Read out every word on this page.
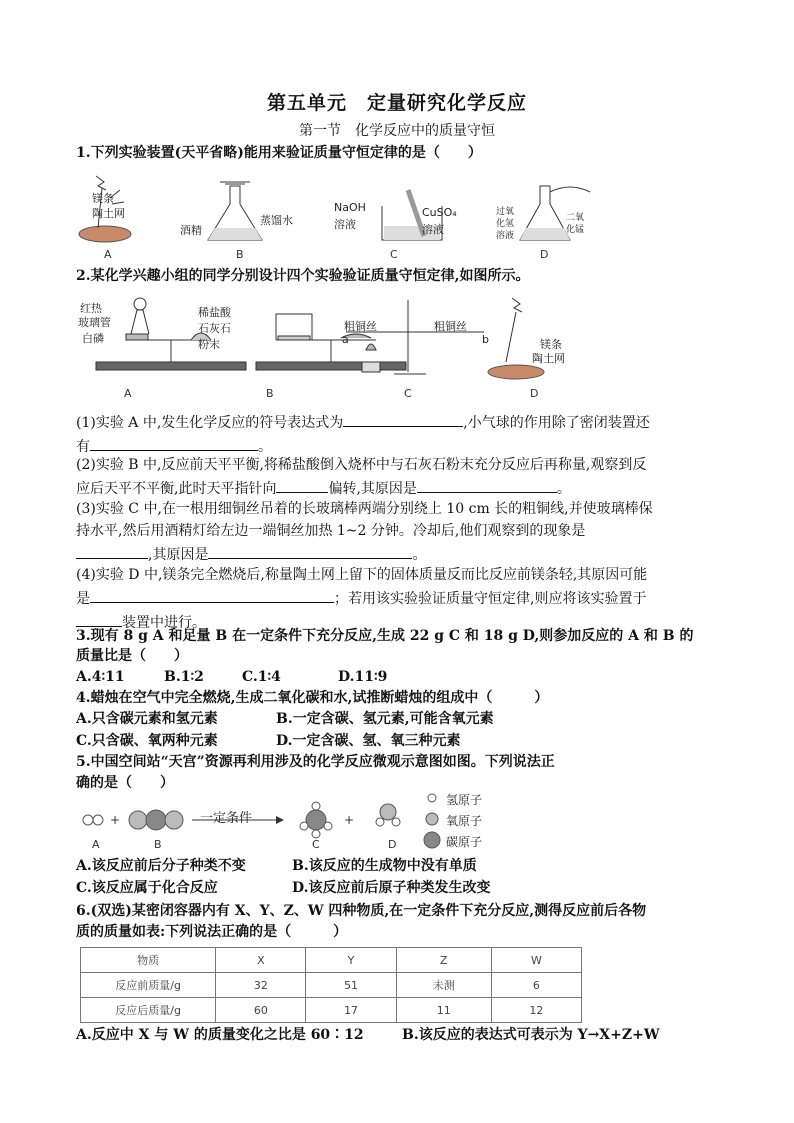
第五单元　定量研究化学反应
第一节　化学反应中的质量守恒
1.下列实验装置(天平省略)能用来验证质量守恒定律的是（　　）
镁条
陶土网
酒精
蒸馏水
NaOH
溶液
CuSO₄
溶液
过氧
化氢
溶液
二氧
化锰
A	B	C	D
2.某化学兴趣小组的同学分别设计四个实验验证质量守恒定律,如图所示。
红热
玻璃管
白磷
稀盐酸
石灰石
粉末
粗铜丝	粗铜丝
a	b	镁条
陶土网
A	B	C	D
(1)实验 A 中,发生化学反应的符号表达式为	,小气球的作用除了密闭装置还
有	。
(2)实验 B 中,反应前天平平衡,将稀盐酸倒入烧杯中与石灰石粉末充分反应后再称量,观察到反
应后天平不平衡,此时天平指针向	偏转,其原因是	。
(3)实验 C 中,在一根用细铜丝吊着的长玻璃棒两端分别绕上 10 cm 长的粗铜线,并使玻璃棒保
持水平,然后用酒精灯给左边一端铜丝加热 1~2 分钟。冷却后,他们观察到的现象是
,其原因是	。
(4)实验 D 中,镁条完全燃烧后,称量陶土网上留下的固体质量反而比反应前镁条轻,其原因可能
是	；若用该实验验证质量守恒定律,则应将该实验置于
装置中进行。
3.现有 8 g A 和足量 B 在一定条件下充分反应,生成 22 g C 和 18 g D,则参加反应的 A 和 B 的
质量比是（　　）
A.4∶11	B.1∶2	C.1∶4	D.11∶9
4.蜡烛在空气中完全燃烧,生成二氧化碳和水,试推断蜡烛的组成中（　　　）
A.只含碳元素和氢元素	B.一定含碳、氢元素,可能含氧元素
C.只含碳、氧两种元素	D.一定含碳、氢、氧三种元素
5.中国空间站“天宫”资源再利用涉及的化学反应微观示意图如图。下列说法正
确的是（　　）
+	+
一定条件
氢原子
氧原子
碳原子
A	B	C	D
A.该反应前后分子种类不变	B.该反应的生成物中没有单质
C.该反应属于化合反应	D.该反应前后原子种类发生改变
6.(双选)某密闭容器内有 X、Y、Z、W 四种物质,在一定条件下充分反应,测得反应前后各物
质的质量如表:下列说法正确的是（　　　）
物质	X	Y	Z	W
反应前质量/g	32	51	未测	6
反应后质量/g	60	17	11	12
A.反应中 X 与 W 的质量变化之比是 60∶12	B.该反应的表达式可表示为 Y→X+Z+W
